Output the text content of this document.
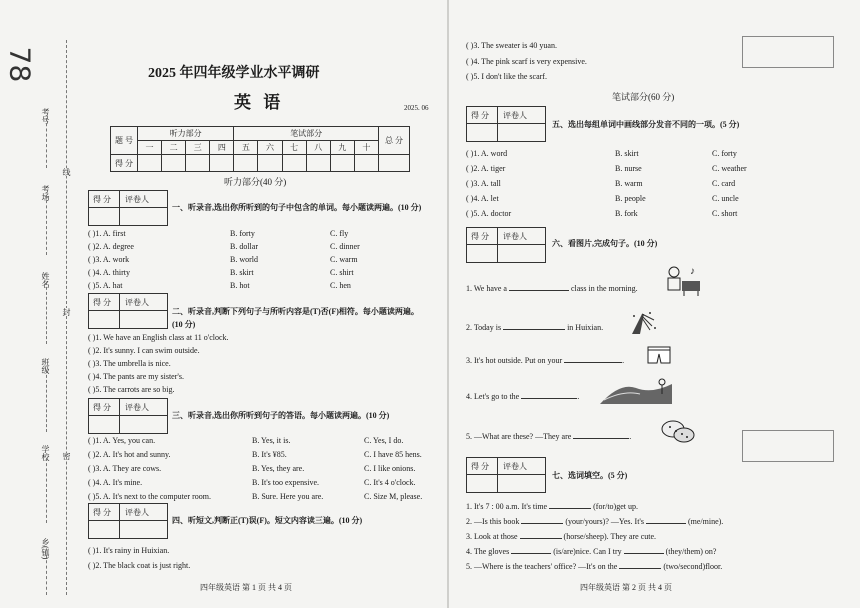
78
考号
考场
姓名
班级
学校
乡(镇)
线
封
密
2025 年四年级学业水平调研
英 语	2025. 06
题 号	听力部分				笔试部分						总 分
	一	二	三	四	五	六	七	八	九	十	
得 分											
听力部分(40 分)
得 分 评卷人
得 分 评卷人
得 分 评卷人
得 分 评卷人
一、听录音,选出你所听到的句子中包含的单词。每小题读两遍。(10 分)
( )1. A. first	B. forty	C. fly
( )2. A. degree	B. dollar	C. dinner
( )3. A. work	B. world	C. warm
( )4. A. thirty	B. skirt	C. shirt
( )5. A. hat	B. hot	C. hen
二、听录音,判断下列句子与所听内容是(T)否(F)相符。每小题读两遍。
(10 分)
( )1. We have an English class at 11 o'clock.
( )2. It's sunny. I can swim outside.
( )3. The umbrella is nice.
( )4. The pants are my sister's.
( )5. The carrots are so big.
三、听录音,选出你所听到句子的答语。每小题读两遍。(10 分)
( )1. A. Yes, you can.	B. Yes, it is.	C. Yes, I do.
( )2. A. It's hot and sunny.	B. It's ¥85.	C. I have 85 hens.
( )3. A. They are cows.	B. Yes, they are.	C. I like onions.
( )4. A. It's mine.	B. It's too expensive.	C. It's 4 o'clock.
( )5. A. It's next to the computer room.	B. Sure. Here you are.	C. Size M, please.
四、听短文,判断正(T)误(F)。短文内容读三遍。(10 分)
( )1. It's rainy in Huixian.
( )2. The black coat is just right.
四年级英语 第 1 页 共 4 页
( )3. The sweater is 40 yuan.
( )4. The pink scarf is very expensive.
( )5. I don't like the scarf.
笔试部分(60 分)
得 分 评卷人
五、选出每组单词中画线部分发音不同的一项。(5 分)
( )1. A. word	B. skirt	C. forty
( )2. A. tiger	B. nurse	C. weather
( )3. A. tall	B. warm	C. card
( )4. A. let	B. people	C. uncle
( )5. A. doctor	B. fork	C. short
得 分 评卷人
六、看图片,完成句子。(10 分)
1. We have a	class in the morning.
2. Today is	in Huixian.
3. It's hot outside. Put on your	.
4. Let's go to the	.
5. —What are these? —They are	.
♪
得 分 评卷人
七、选词填空。(5 分)
1. It's 7 : 00 a.m. It's time	(for/to)get up.
2. —Is this book	(your/yours)? —Yes. It's	(me/mine).
3. Look at those	(horse/sheep). They are cute.
4. The gloves	(is/are)nice. Can I try	(they/them) on?
5. —Where is the teachers' office? —It's on the	(two/second)floor.
四年级英语 第 2 页 共 4 页
